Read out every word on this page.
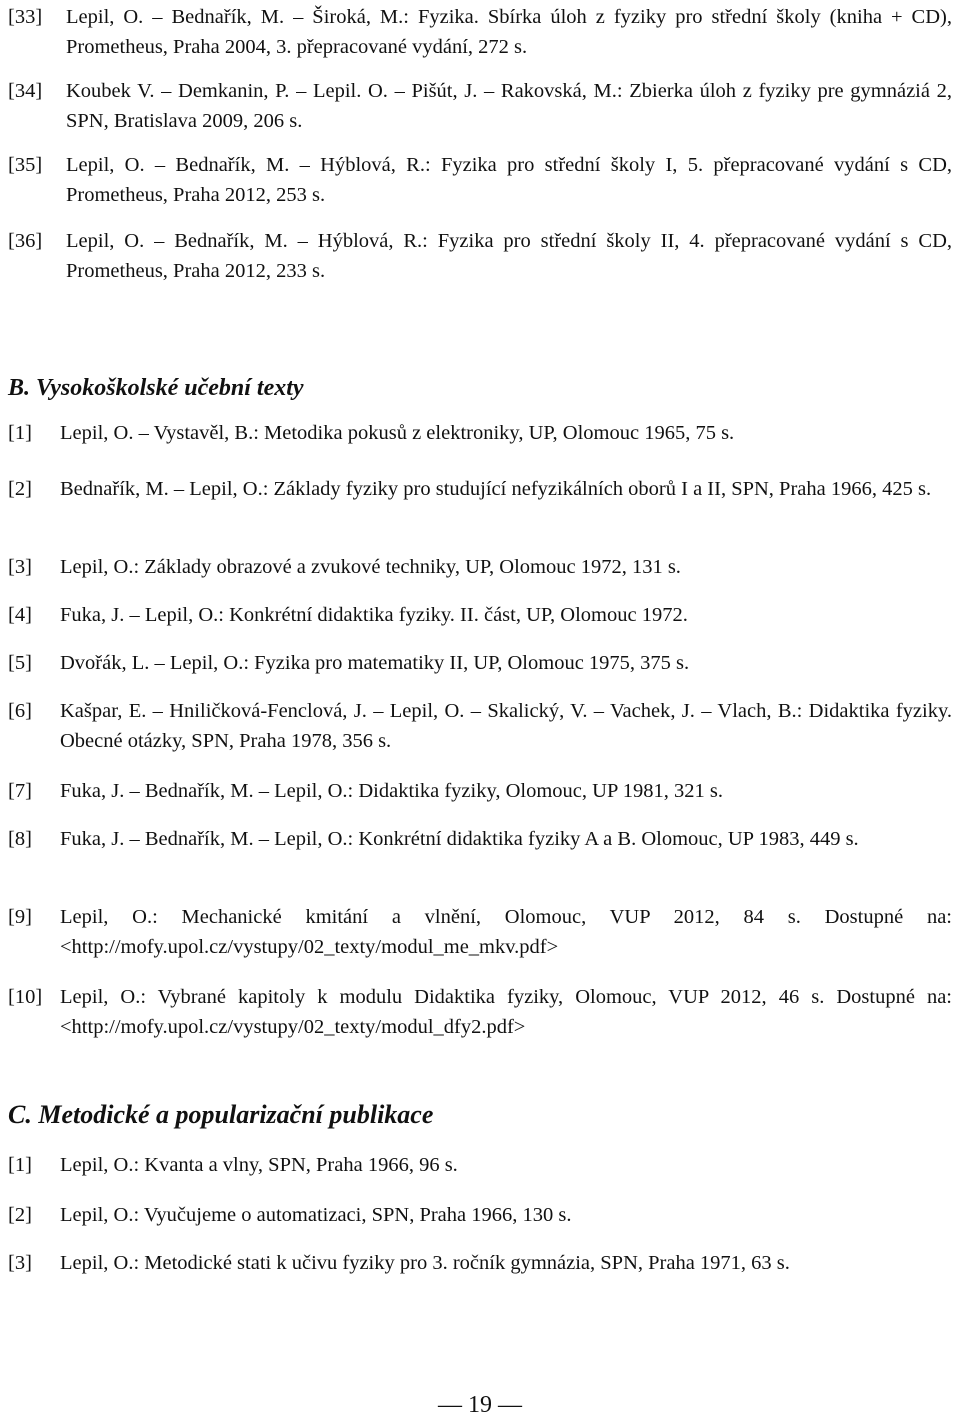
[33]	Lepil, O. – Bednařík, M. – Široká, M.: Fyzika. Sbírka úloh z fyziky pro střední školy (kniha + CD), Prometheus, Praha 2004, 3. přepracované vydání, 272 s.
[34]	Koubek V. – Demkanin, P. – Lepil. O. – Pišút, J. – Rakovská, M.: Zbierka úloh z fyziky pre gymnáziá 2, SPN, Bratislava 2009, 206 s.
[35]	Lepil, O. – Bednařík, M. – Hýblová, R.: Fyzika pro střední školy I, 5. přepracované vydání s CD, Prometheus, Praha 2012, 253 s.
[36]	Lepil, O. – Bednařík, M. – Hýblová, R.: Fyzika pro střední školy II, 4. přepracované vydání s CD, Prometheus, Praha 2012, 233 s.
B. Vysokoškolské učební texty
[1]	Lepil, O. – Vystavěl, B.: Metodika pokusů z elektroniky, UP, Olomouc 1965, 75 s.
[2]	Bednařík, M. – Lepil, O.: Základy fyziky pro studující nefyzikálních oborů I a II, SPN, Praha 1966, 425 s.
[3]	Lepil, O.: Základy obrazové a zvukové techniky, UP, Olomouc 1972, 131 s.
[4]	Fuka, J. – Lepil, O.: Konkrétní didaktika fyziky. II. část, UP, Olomouc 1972.
[5]	Dvořák, L. – Lepil, O.: Fyzika pro matematiky II, UP, Olomouc 1975, 375 s.
[6]	Kašpar, E. – Hniličková-Fenclová, J. – Lepil, O. – Skalický, V. – Vachek, J. – Vlach, B.: Didaktika fyziky. Obecné otázky, SPN, Praha 1978, 356 s.
[7]	Fuka, J. – Bednařík, M. – Lepil, O.: Didaktika fyziky, Olomouc, UP 1981, 321 s.
[8]	Fuka, J. – Bednařík, M. – Lepil, O.: Konkrétní didaktika fyziky A a B. Olomouc, UP 1983, 449 s.
[9]	Lepil, O.: Mechanické kmitání a vlnění, Olomouc, VUP 2012, 84 s. Dostupné na: <http://mofy.upol.cz/vystupy/02_texty/modul_me_mkv.pdf>
[10] Lepil, O.: Vybrané kapitoly k modulu Didaktika fyziky, Olomouc, VUP 2012, 46 s. Dostupné na: <http://mofy.upol.cz/vystupy/02_texty/modul_dfy2.pdf>
C. Metodické a popularizační publikace
[1]	Lepil, O.: Kvanta a vlny, SPN, Praha 1966, 96 s.
[2]	Lepil, O.: Vyučujeme o automatizaci, SPN, Praha 1966, 130 s.
[3]	Lepil, O.: Metodické stati k učivu fyziky pro 3. ročník gymnázia, SPN, Praha 1971, 63 s.
— 19 —
